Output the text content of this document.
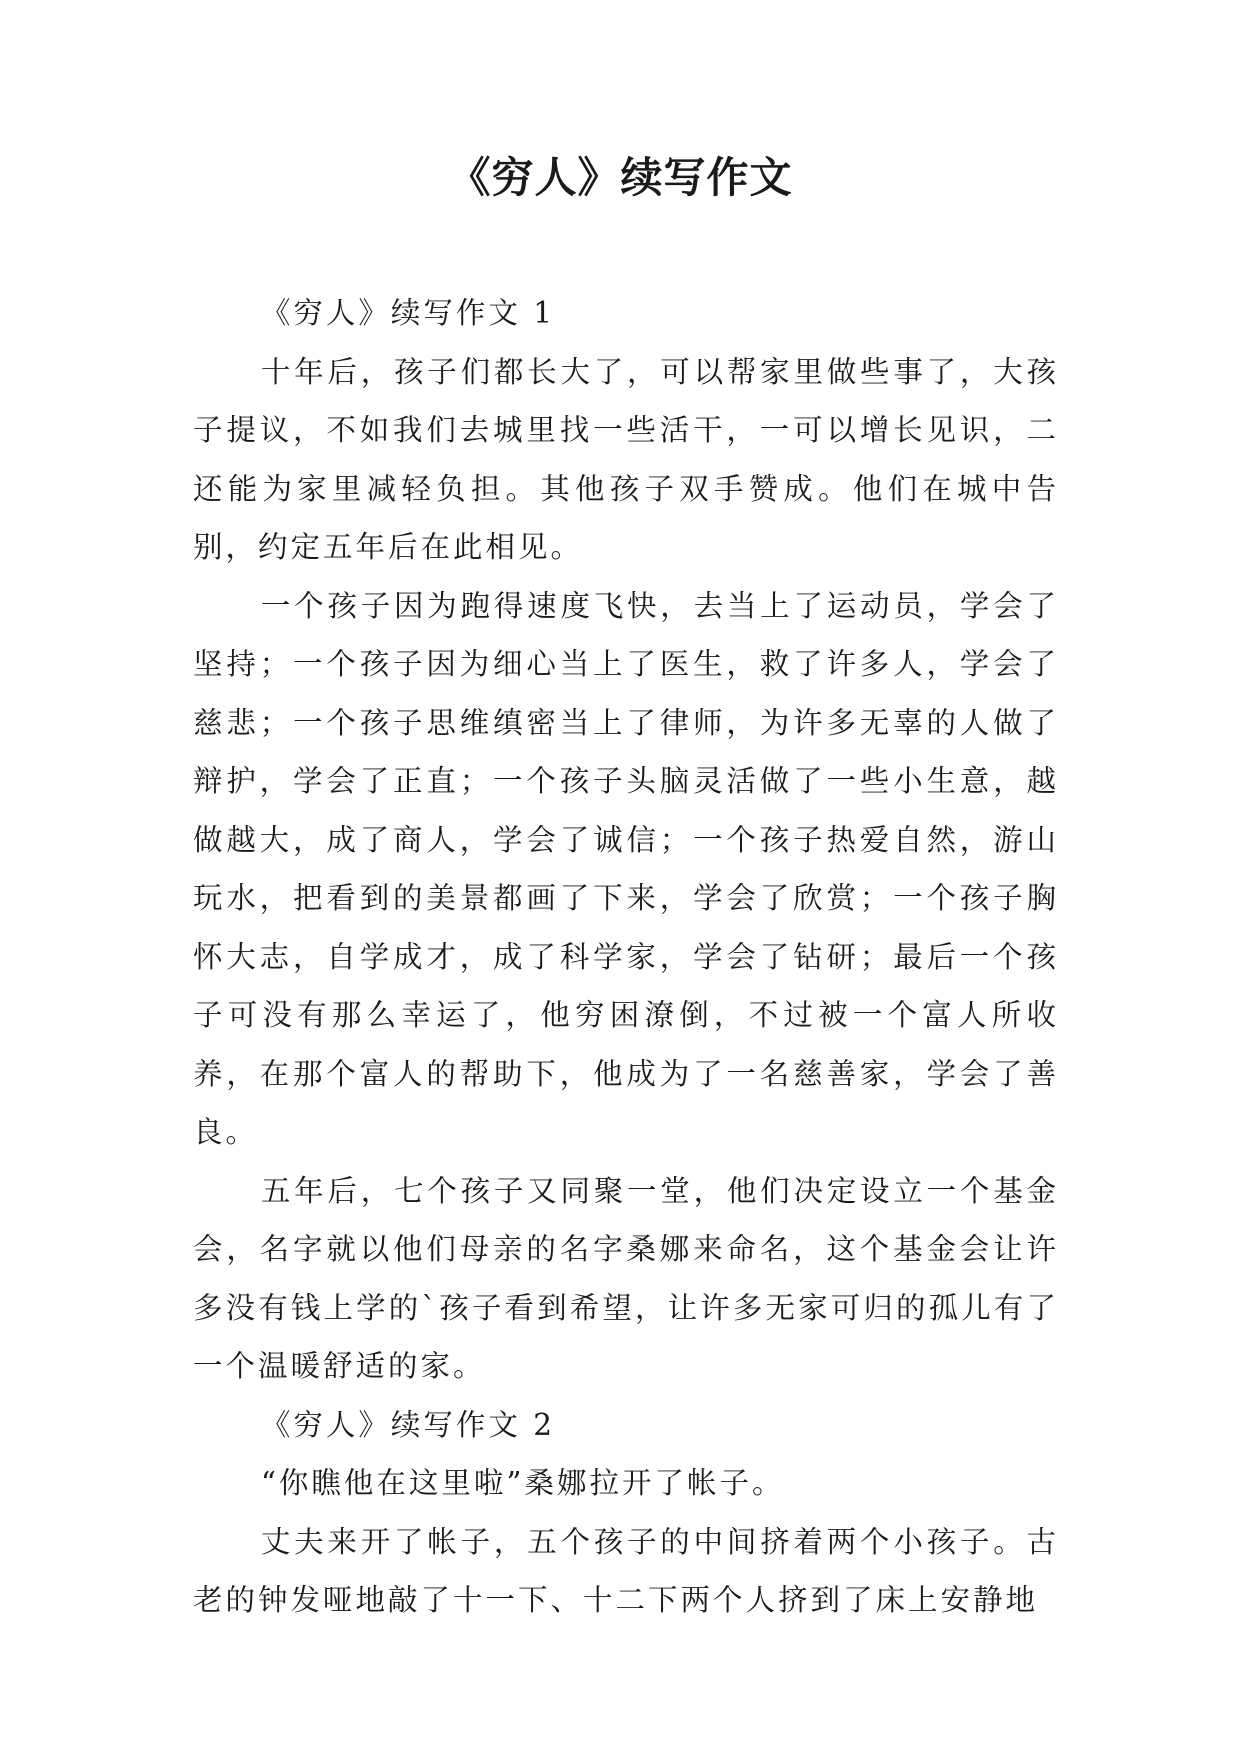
《穷人》续写作文

《穷人》续写作文 1

十年后，孩子们都长大了，可以帮家里做些事了，大孩子提议，不如我们去城里找一些活干，一可以增长见识，二还能为家里减轻负担。其他孩子双手赞成。他们在城中告别，约定五年后在此相见。

一个孩子因为跑得速度飞快，去当上了运动员，学会了坚持；一个孩子因为细心当上了医生，救了许多人，学会了慈悲；一个孩子思维缜密当上了律师，为许多无辜的人做了辩护，学会了正直；一个孩子头脑灵活做了一些小生意，越做越大，成了商人，学会了诚信；一个孩子热爱自然，游山玩水，把看到的美景都画了下来，学会了欣赏；一个孩子胸怀大志，自学成才，成了科学家，学会了钻研；最后一个孩子可没有那么幸运了，他穷困潦倒，不过被一个富人所收养，在那个富人的帮助下，他成为了一名慈善家，学会了善良。

五年后，七个孩子又同聚一堂，他们决定设立一个基金会，名字就以他们母亲的名字桑娜来命名，这个基金会让许多没有钱上学的`孩子看到希望，让许多无家可归的孤儿有了一个温暖舒适的家。

《穷人》续写作文 2

“你瞧他在这里啦”桑娜拉开了帐子。

丈夫来开了帐子，五个孩子的中间挤着两个小孩子。古老的钟发哑地敲了十一下、十二下两个人挤到了床上安静地
